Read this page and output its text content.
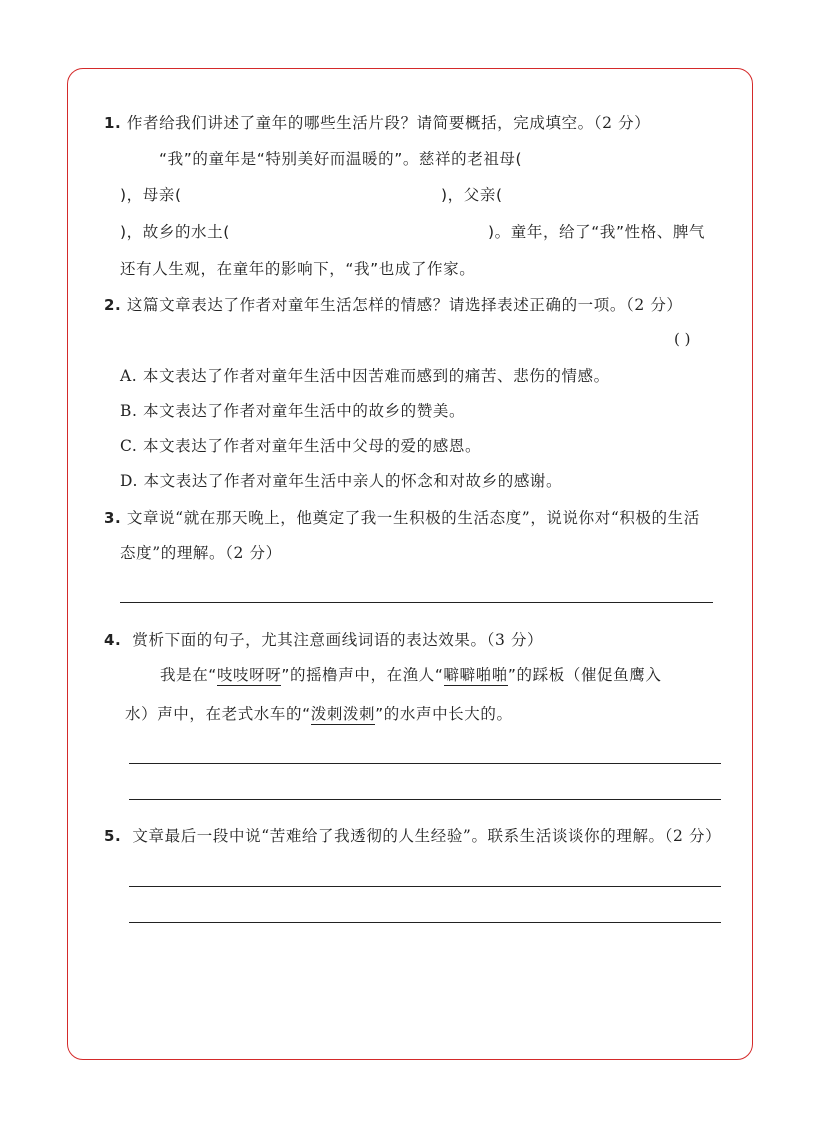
1. 作者给我们讲述了童年的哪些生活片段？请简要概括，完成填空。（2 分）
“我”的童年是“特别美好而温暖的”。慈祥的老祖母(
)，母亲(	)，父亲(
)，故乡的水土(	)。童年，给了“我”性格、脾气
还有人生观，在童年的影响下，“我”也成了作家。
2. 这篇文章表达了作者对童年生活怎样的情感？请选择表述正确的一项。（2 分）
( )
A. 本文表达了作者对童年生活中因苦难而感到的痛苦、悲伤的情感。
B. 本文表达了作者对童年生活中的故乡的赞美。
C. 本文表达了作者对童年生活中父母的爱的感恩。
D. 本文表达了作者对童年生活中亲人的怀念和对故乡的感谢。
3. 文章说“就在那天晚上，他奠定了我一生积极的生活态度”，说说你对“积极的生活
态度”的理解。（2 分）
4. 赏析下面的句子，尤其注意画线词语的表达效果。（3 分）
我是在“吱吱呀呀”的摇橹声中，在渔人“噼噼啪啪”的踩板（催促鱼鹰入
水）声中，在老式水车的“泼刺泼刺”的水声中长大的。
5. 文章最后一段中说“苦难给了我透彻的人生经验”。联系生活谈谈你的理解。（2 分）
